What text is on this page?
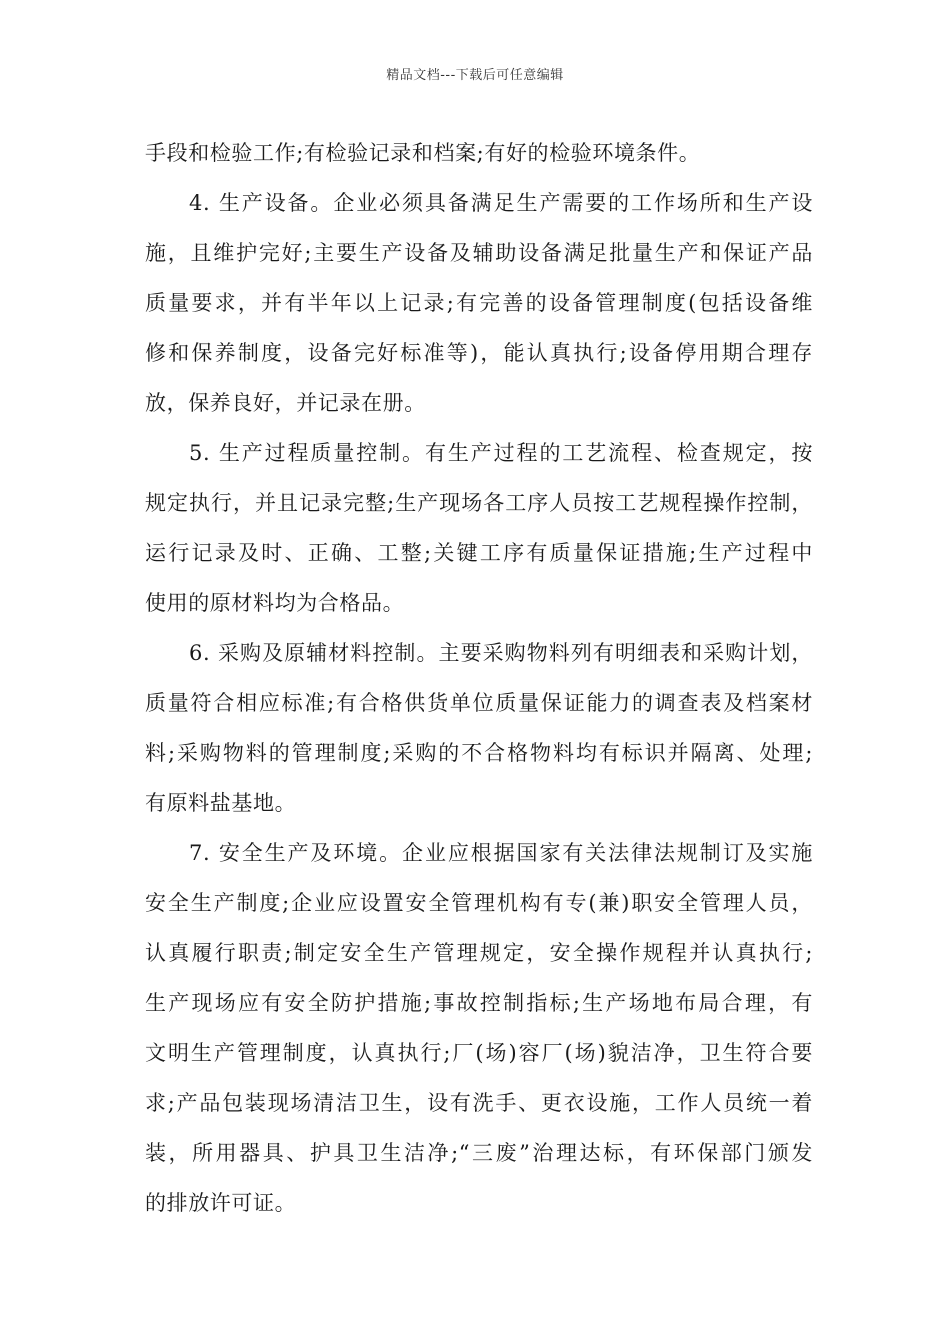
精品文档---下载后可任意编辑
手段和检验工作;有检验记录和档案;有好的检验环境条件。
4. 生产设备。企业必须具备满足生产需要的工作场所和生产设
施，且维护完好;主要生产设备及辅助设备满足批量生产和保证产品
质量要求，并有半年以上记录;有完善的设备管理制度(包括设备维
修和保养制度，设备完好标准等)，能认真执行;设备停用期合理存
放，保养良好，并记录在册。
5. 生产过程质量控制。有生产过程的工艺流程、检查规定，按
规定执行，并且记录完整;生产现场各工序人员按工艺规程操作控制，
运行记录及时、正确、工整;关键工序有质量保证措施;生产过程中
使用的原材料均为合格品。
6. 采购及原辅材料控制。主要采购物料列有明细表和采购计划，
质量符合相应标准;有合格供货单位质量保证能力的调查表及档案材
料;采购物料的管理制度;采购的不合格物料均有标识并隔离、处理;
有原料盐基地。
7. 安全生产及环境。企业应根据国家有关法律法规制订及实施
安全生产制度;企业应设置安全管理机构有专(兼)职安全管理人员，
认真履行职责;制定安全生产管理规定，安全操作规程并认真执行;
生产现场应有安全防护措施;事故控制指标;生产场地布局合理，有
文明生产管理制度，认真执行;厂(场)容厂(场)貌洁净，卫生符合要
求;产品包装现场清洁卫生，设有洗手、更衣设施，工作人员统一着
装，所用器具、护具卫生洁净;“三废”治理达标，有环保部门颁发
的排放许可证。
